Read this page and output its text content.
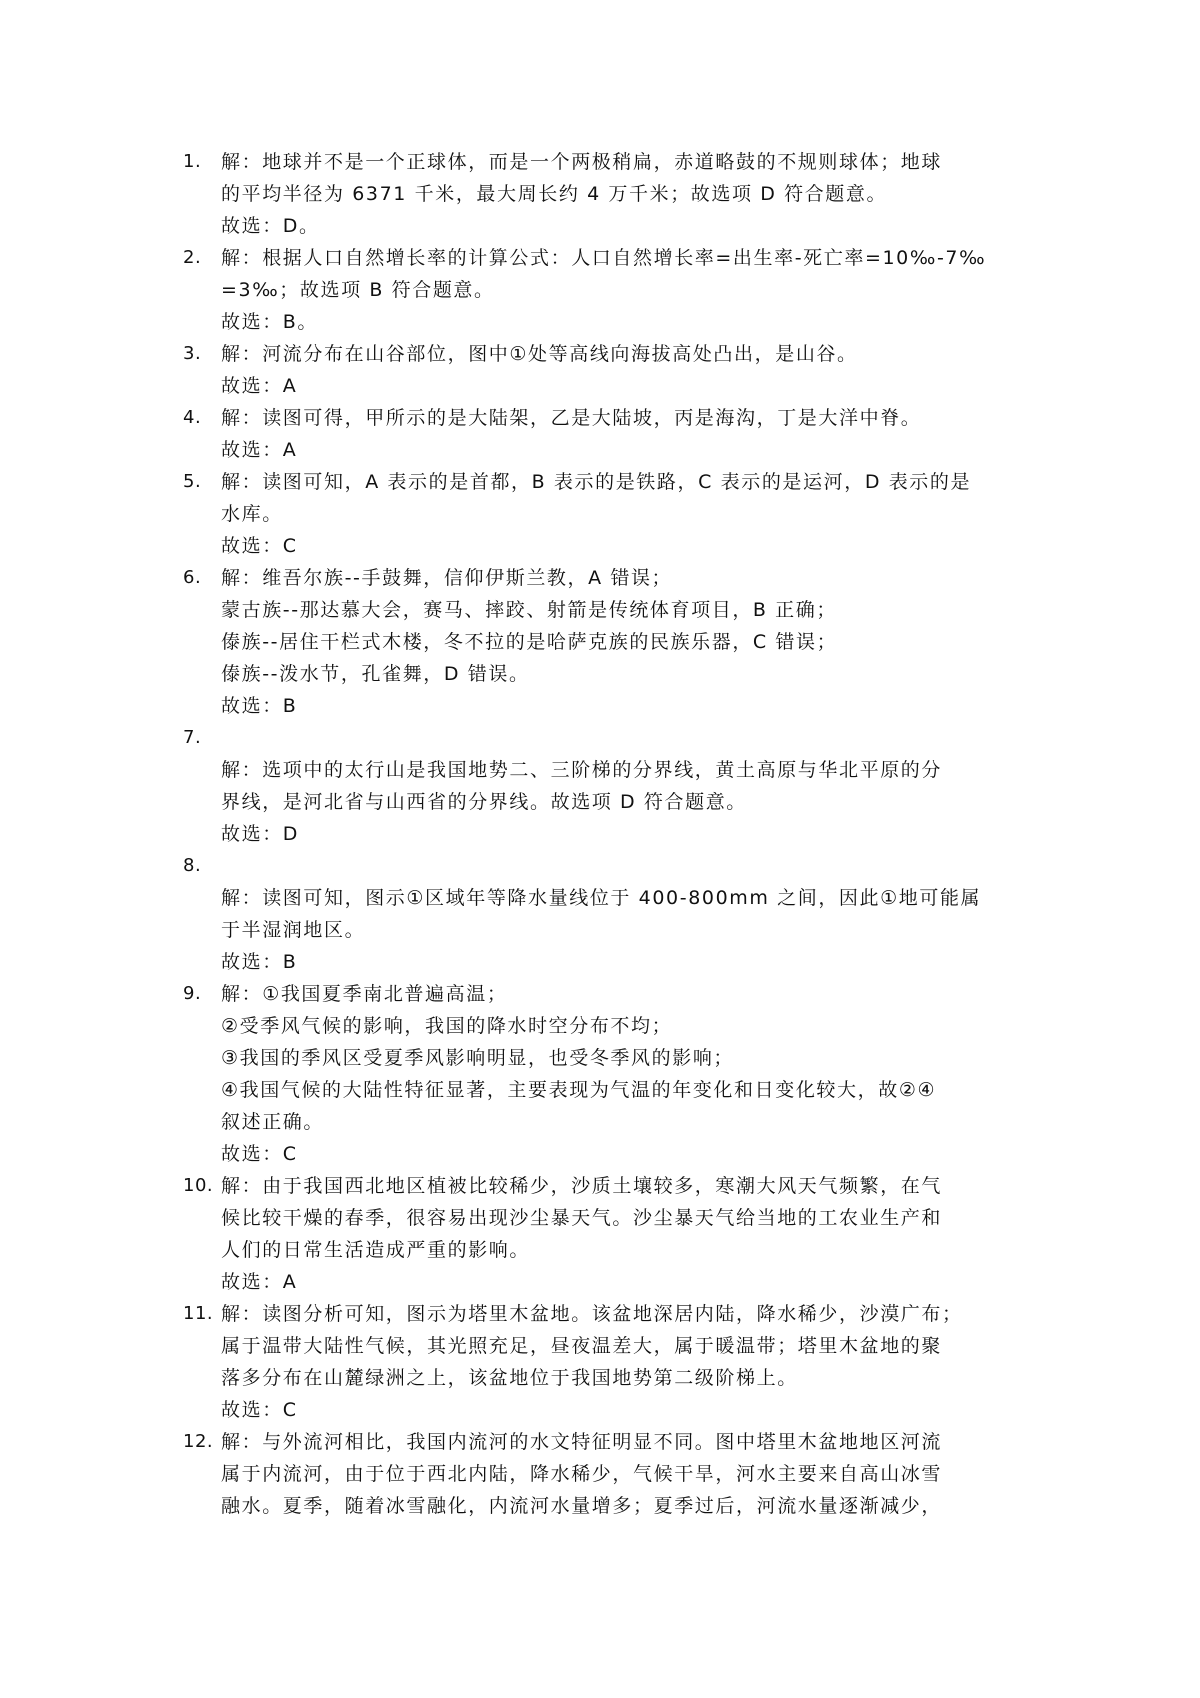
1.	解：地球并不是一个正球体，而是一个两极稍扁，赤道略鼓的不规则球体；地球
的平均半径为 6371 千米，最大周长约 4 万千米；故选项 D 符合题意。
故选：D。
2.	解：根据人口自然增长率的计算公式：人口自然增长率=出生率-死亡率=10‰-7‰
=3‰；故选项 B 符合题意。
故选：B。
3.	解：河流分布在山谷部位，图中①处等高线向海拔高处凸出，是山谷。
故选：A
4.	解：读图可得，甲所示的是大陆架，乙是大陆坡，丙是海沟，丁是大洋中脊。
故选：A
5.	解：读图可知，A 表示的是首都，B 表示的是铁路，C 表示的是运河，D 表示的是
水库。
故选：C
6.	解：维吾尔族--手鼓舞，信仰伊斯兰教，A 错误；
蒙古族--那达慕大会，赛马、摔跤、射箭是传统体育项目，B 正确；
傣族--居住干栏式木楼，冬不拉的是哈萨克族的民族乐器，C 错误；
傣族--泼水节，孔雀舞，D 错误。
故选：B
7.
解：选项中的太行山是我国地势二、三阶梯的分界线，黄土高原与华北平原的分
界线，是河北省与山西省的分界线。故选项 D 符合题意。
故选：D
8.
解：读图可知，图示①区域年等降水量线位于 400-800mm 之间，因此①地可能属
于半湿润地区。
故选：B
9.	解：①我国夏季南北普遍高温；
②受季风气候的影响，我国的降水时空分布不均；
③我国的季风区受夏季风影响明显，也受冬季风的影响；
④我国气候的大陆性特征显著，主要表现为气温的年变化和日变化较大，故②④
叙述正确。
故选：C
10. 解：由于我国西北地区植被比较稀少，沙质土壤较多，寒潮大风天气频繁，在气
候比较干燥的春季，很容易出现沙尘暴天气。沙尘暴天气给当地的工农业生产和
人们的日常生活造成严重的影响。
故选：A
11. 解：读图分析可知，图示为塔里木盆地。该盆地深居内陆，降水稀少，沙漠广布；
属于温带大陆性气候，其光照充足，昼夜温差大，属于暖温带；塔里木盆地的聚
落多分布在山麓绿洲之上，该盆地位于我国地势第二级阶梯上。
故选：C
12. 解：与外流河相比，我国内流河的水文特征明显不同。图中塔里木盆地地区河流
属于内流河，由于位于西北内陆，降水稀少，气候干旱，河水主要来自高山冰雪
融水。夏季，随着冰雪融化，内流河水量增多；夏季过后，河流水量逐渐减少，
